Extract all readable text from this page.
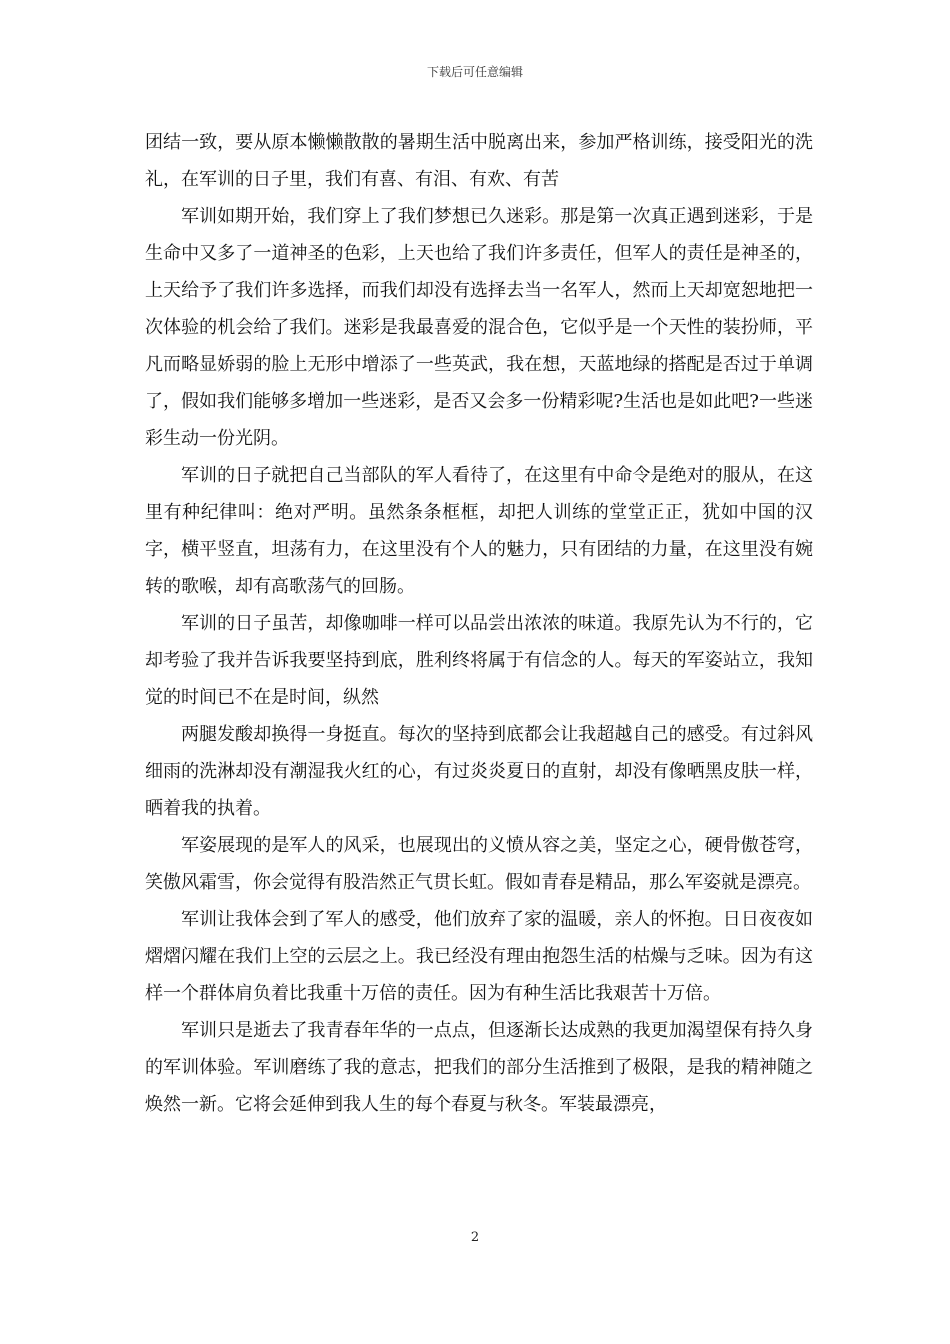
下载后可任意编辑

团结一致，要从原本懒懒散散的暑期生活中脱离出来，参加严格训练，接受阳光的洗礼，在军训的日子里，我们有喜、有泪、有欢、有苦

军训如期开始，我们穿上了我们梦想已久迷彩。那是第一次真正遇到迷彩，于是生命中又多了一道神圣的色彩，上天也给了我们许多责任，但军人的责任是神圣的，上天给予了我们许多选择，而我们却没有选择去当一名军人，然而上天却宽恕地把一次体验的机会给了我们。迷彩是我最喜爱的混合色，它似乎是一个天性的装扮师，平凡而略显娇弱的脸上无形中增添了一些英武，我在想，天蓝地绿的搭配是否过于单调了，假如我们能够多增加一些迷彩，是否又会多一份精彩呢?生活也是如此吧?一些迷彩生动一份光阴。

军训的日子就把自己当部队的军人看待了，在这里有中命令是绝对的服从，在这里有种纪律叫：绝对严明。虽然条条框框，却把人训练的堂堂正正，犹如中国的汉字，横平竖直，坦荡有力，在这里没有个人的魅力，只有团结的力量，在这里没有婉转的歌喉，却有高歌荡气的回肠。

军训的日子虽苦，却像咖啡一样可以品尝出浓浓的味道。我原先认为不行的，它却考验了我并告诉我要坚持到底，胜利终将属于有信念的人。每天的军姿站立，我知觉的时间已不在是时间，纵然

两腿发酸却换得一身挺直。每次的坚持到底都会让我超越自己的感受。有过斜风细雨的洗淋却没有潮湿我火红的心，有过炎炎夏日的直射，却没有像晒黑皮肤一样，晒着我的执着。

军姿展现的是军人的风采，也展现出的义愤从容之美，坚定之心，硬骨傲苍穹，笑傲风霜雪，你会觉得有股浩然正气贯长虹。假如青春是精品，那么军姿就是漂亮。

军训让我体会到了军人的感受，他们放弃了家的温暖，亲人的怀抱。日日夜夜如熠熠闪耀在我们上空的云层之上。我已经没有理由抱怨生活的枯燥与乏味。因为有这样一个群体肩负着比我重十万倍的责任。因为有种生活比我艰苦十万倍。

军训只是逝去了我青春年华的一点点，但逐渐长达成熟的我更加渴望保有持久身的军训体验。军训磨练了我的意志，把我们的部分生活推到了极限，是我的精神随之焕然一新。它将会延伸到我人生的每个春夏与秋冬。军装最漂亮，

2
